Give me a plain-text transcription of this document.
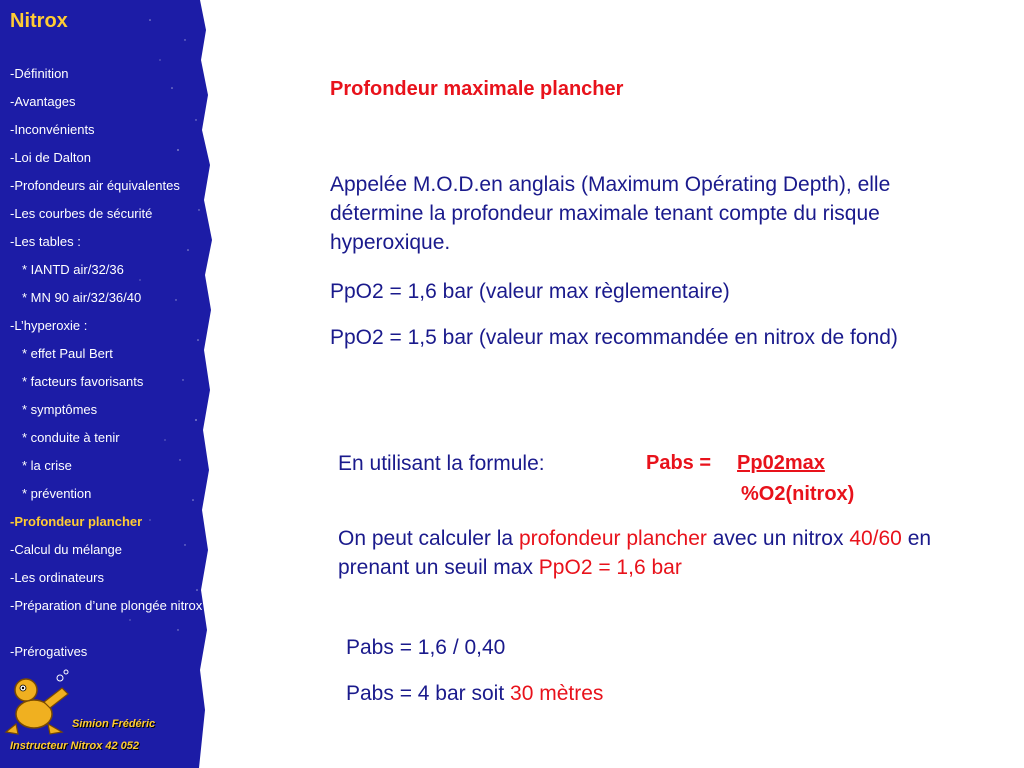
Nitrox
-Définition
-Avantages
-Inconvénients
-Loi de Dalton
-Profondeurs air équivalentes
-Les courbes de sécurité
-Les tables :
* IANTD air/32/36
* MN 90 air/32/36/40
-L’hyperoxie :
* effet Paul Bert
* facteurs favorisants
* symptômes
* conduite à tenir
* la crise
* prévention
-Profondeur plancher
-Calcul du mélange
-Les ordinateurs
-Préparation d’une plongée nitrox
-Prérogatives

Simion Frédéric

Instructeur Nitrox 42 052

Profondeur maximale plancher

Appelée M.O.D.en anglais (Maximum Opérating Depth), elle détermine la profondeur maximale tenant compte du risque hyperoxique.

PpO2 = 1,6 bar (valeur max règlementaire)

PpO2 = 1,5 bar (valeur max recommandée en nitrox de fond)

En utilisant la formule:	Pabs = Pp02max

%O2(nitrox)

On peut calculer la profondeur plancher avec un nitrox 40/60 en prenant un seuil max PpO2 = 1,6 bar

Pabs = 1,6 / 0,40

Pabs = 4 bar soit 30 mètres
